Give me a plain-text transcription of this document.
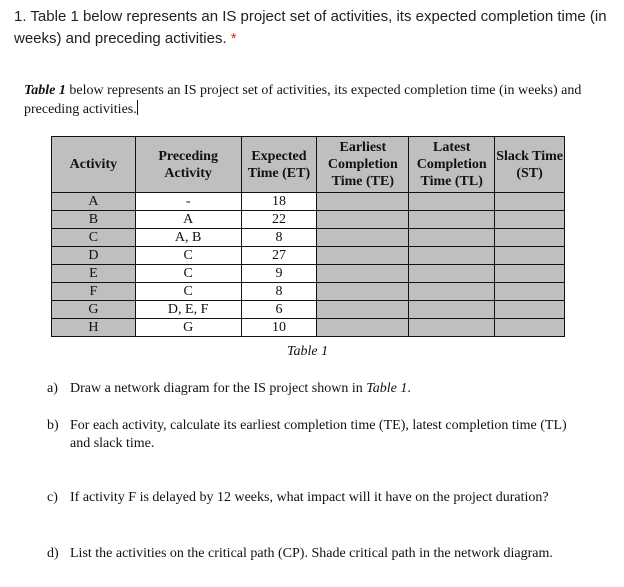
1. Table 1 below represents an IS project set of activities, its expected completion time (in weeks) and preceding activities. *
Table 1 below represents an IS project set of activities, its expected completion time (in weeks) and preceding activities.
Activity	Preceding Activity	Expected Time (ET)	Earliest Completion Time (TE)	Latest Completion Time (TL)	Slack Time (ST)
A	-	18			
B	A	22			
C	A, B	8			
D	C	27			
E	C	9			
F	C	8			
G	D, E, F	6			
H	G	10			
Table 1
a) Draw a network diagram for the IS project shown in Table 1.
b) For each activity, calculate its earliest completion time (TE), latest completion time (TL) and slack time.
c) If activity F is delayed by 12 weeks, what impact will it have on the project duration?
d) List the activities on the critical path (CP). Shade critical path in the network diagram.
